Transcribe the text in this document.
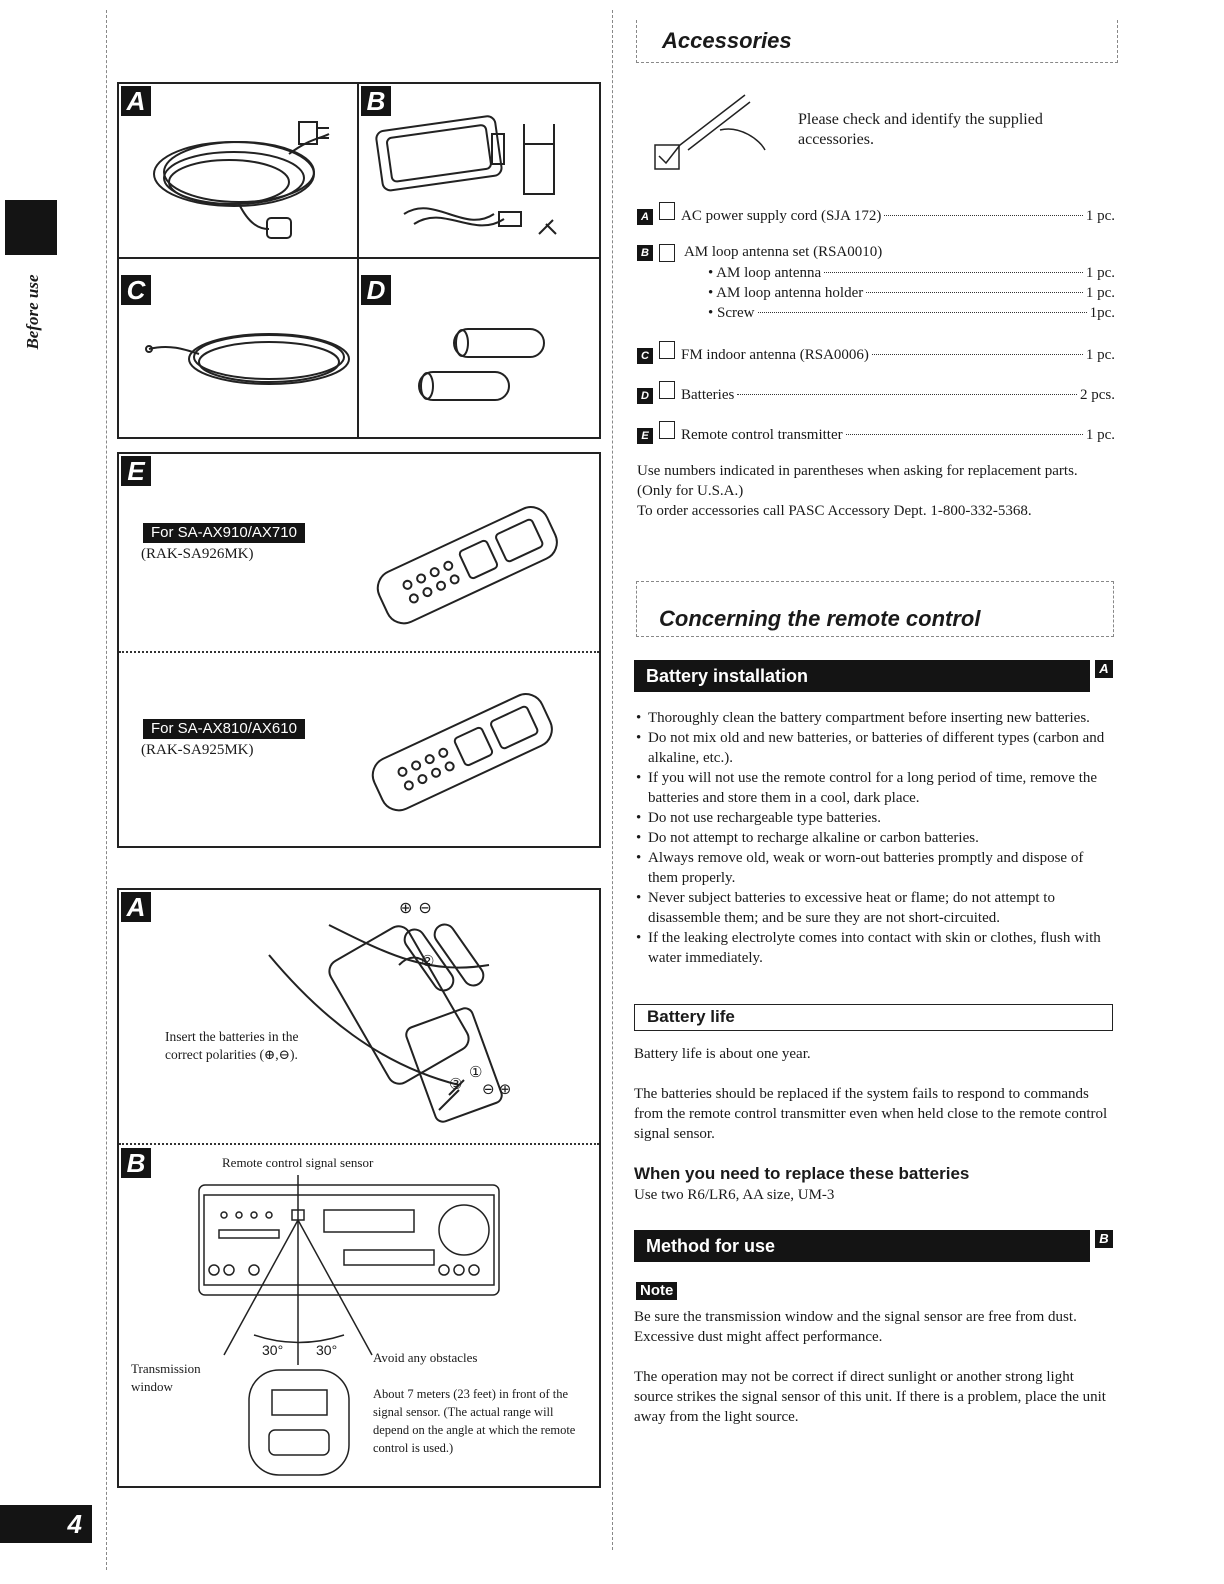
Before use
4
A	B
C	D
E
For SA-AX910/AX710
(RAK-SA926MK)
For SA-AX810/AX610
(RAK-SA925MK)
A	⊕⊖
⊖ ⊕
②
①
③
Insert the batteries in the correct polarities (⊕,⊖).
B	Remote control signal sensor
30° 30°
Transmission window
Avoid any obstacles
About 7 meters (23 feet) in front of the signal sensor. (The actual range will depend on the angle at which the remote control is used.)
Accessories
Please check and identify the supplied accessories.
A AC power supply cord (SJA 172)	1 pc.
B AM loop antenna set (RSA0010)
• AM loop antenna	1 pc.
• AM loop antenna holder	1 pc.
• Screw	1pc.
C FM indoor antenna (RSA0006)	1 pc.
D Batteries	2 pcs.
E Remote control transmitter	1 pc.

Use numbers indicated in parentheses when asking for replacement parts.

(Only for U.S.A.)

To order accessories call PASC Accessory Dept. 1-800-332-5368.

Concerning the remote control
Battery installation	A
• Thoroughly clean the battery compartment before inserting new batteries.
• Do not mix old and new batteries, or batteries of different types (carbon and alkaline, etc.).
• If you will not use the remote control for a long period of time, remove the batteries and store them in a cool, dark place.
• Do not use rechargeable type batteries.
• Do not attempt to recharge alkaline or carbon batteries.
• Always remove old, weak or worn-out batteries promptly and dispose of them properly.
• Never subject batteries to excessive heat or flame; do not attempt to disassemble them; and be sure they are not short-circuited.
• If the leaking electrolyte comes into contact with skin or clothes, flush with water immediately.
Battery life
Battery life is about one year.
The batteries should be replaced if the system fails to respond to commands from the remote control transmitter even when held close to the remote control signal sensor.
When you need to replace these batteries
Use two R6/LR6, AA size, UM-3
Method for use	B
Note
Be sure the transmission window and the signal sensor are free from dust. Excessive dust might affect performance.
The operation may not be correct if direct sunlight or another strong light source strikes the signal sensor of this unit. If there is a problem, place the unit away from the light source.
